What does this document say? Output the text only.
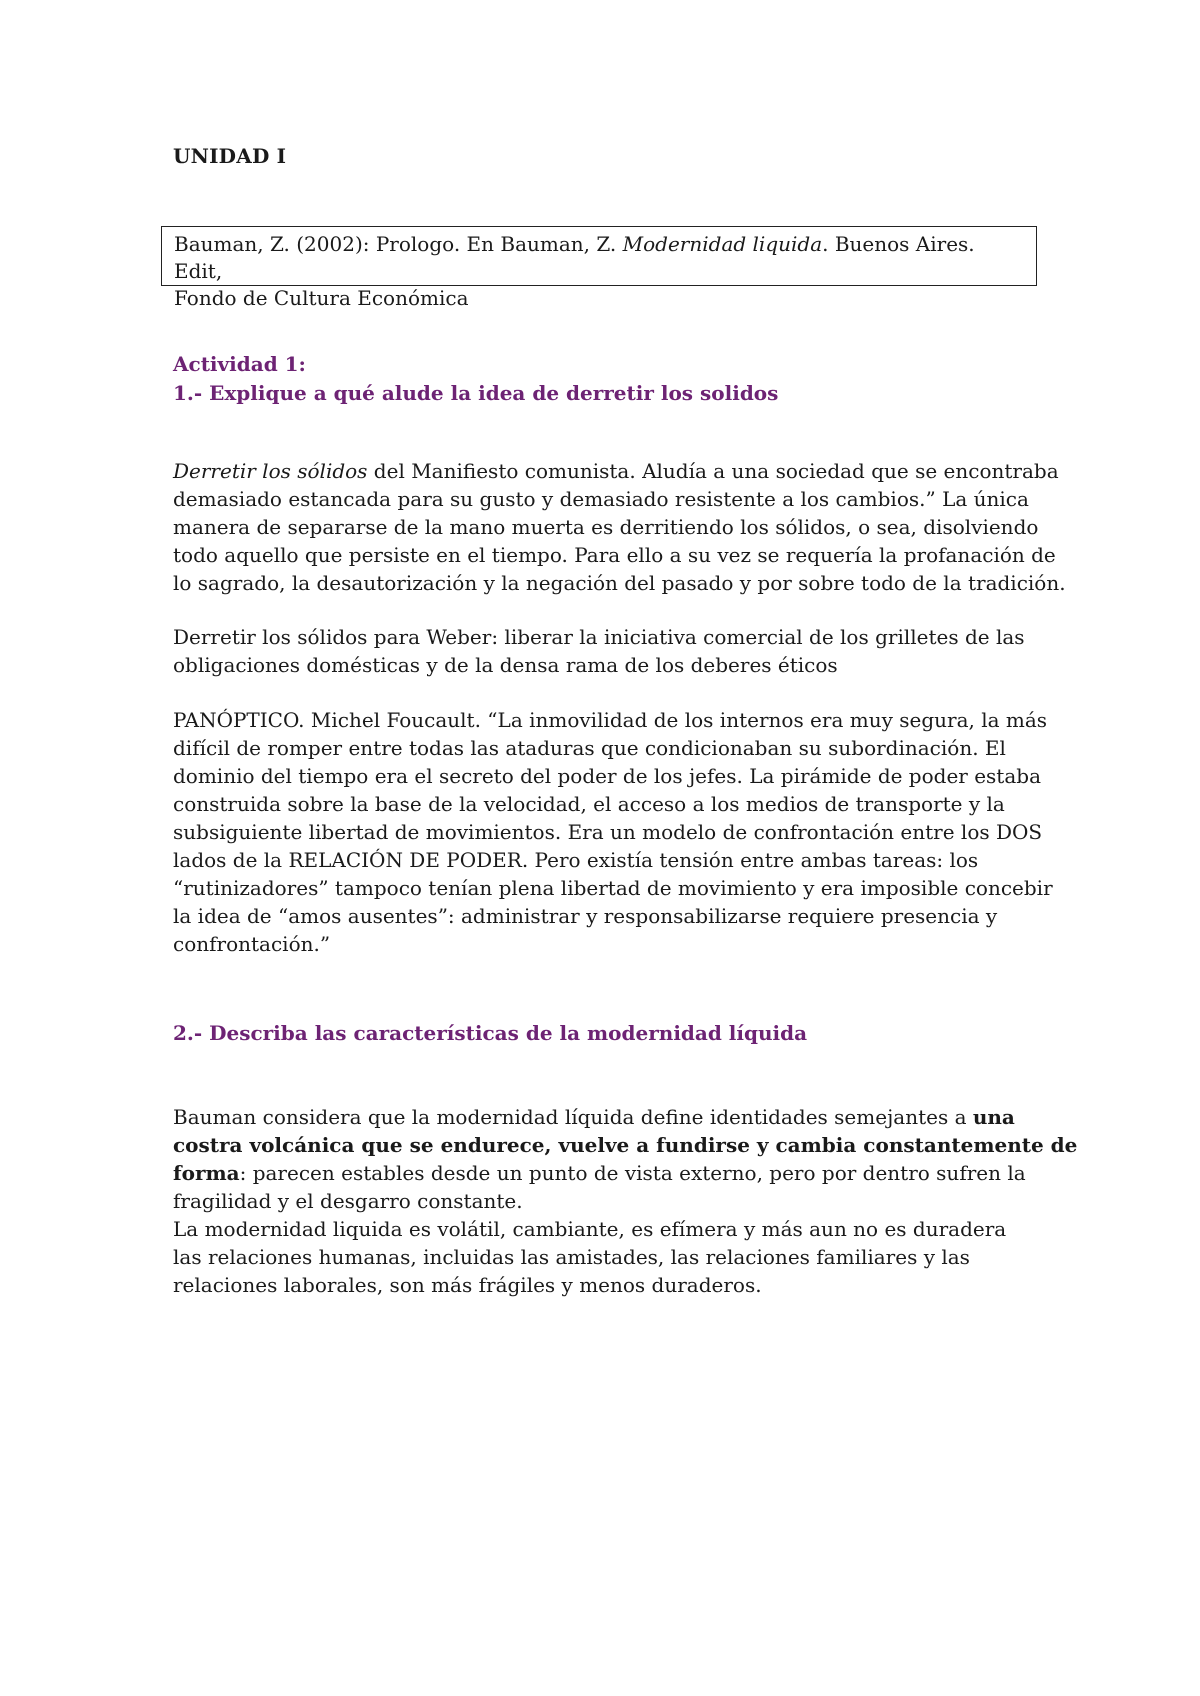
UNIDAD I
Bauman, Z. (2002): Prologo. En Bauman, Z. Modernidad liquida. Buenos Aires. Edit,
Fondo de Cultura Económica
Actividad 1:
1.- Explique a qué alude la idea de derretir los solidos
Derretir los sólidos del Manifiesto comunista. Aludía a una sociedad que se encontraba
demasiado estancada para su gusto y demasiado resistente a los cambios.” La única
manera de separarse de la mano muerta es derritiendo los sólidos, o sea, disolviendo
todo aquello que persiste en el tiempo. Para ello a su vez se requería la profanación de
lo sagrado, la desautorización y la negación del pasado y por sobre todo de la tradición.
Derretir los sólidos para Weber: liberar la iniciativa comercial de los grilletes de las
obligaciones domésticas y de la densa rama de los deberes éticos
PANÓPTICO. Michel Foucault. “La inmovilidad de los internos era muy segura, la más
difícil de romper entre todas las ataduras que condicionaban su subordinación. El
dominio del tiempo era el secreto del poder de los jefes. La pirámide de poder estaba
construida sobre la base de la velocidad, el acceso a los medios de transporte y la
subsiguiente libertad de movimientos. Era un modelo de confrontación entre los DOS
lados de la RELACIÓN DE PODER. Pero existía tensión entre ambas tareas: los
“rutinizadores” tampoco tenían plena libertad de movimiento y era imposible concebir
la idea de “amos ausentes”: administrar y responsabilizarse requiere presencia y
confrontación.”
2.- Describa las características de la modernidad líquida
Bauman considera que la modernidad líquida define identidades semejantes a una
costra volcánica que se endurece, vuelve a fundirse y cambia constantemente de
forma: parecen estables desde un punto de vista externo, pero por dentro sufren la
fragilidad y el desgarro constante.
La modernidad liquida es volátil, cambiante, es efímera y más aun no es duradera
las relaciones humanas, incluidas las amistades, las relaciones familiares y las
relaciones laborales, son más frágiles y menos duraderos.
